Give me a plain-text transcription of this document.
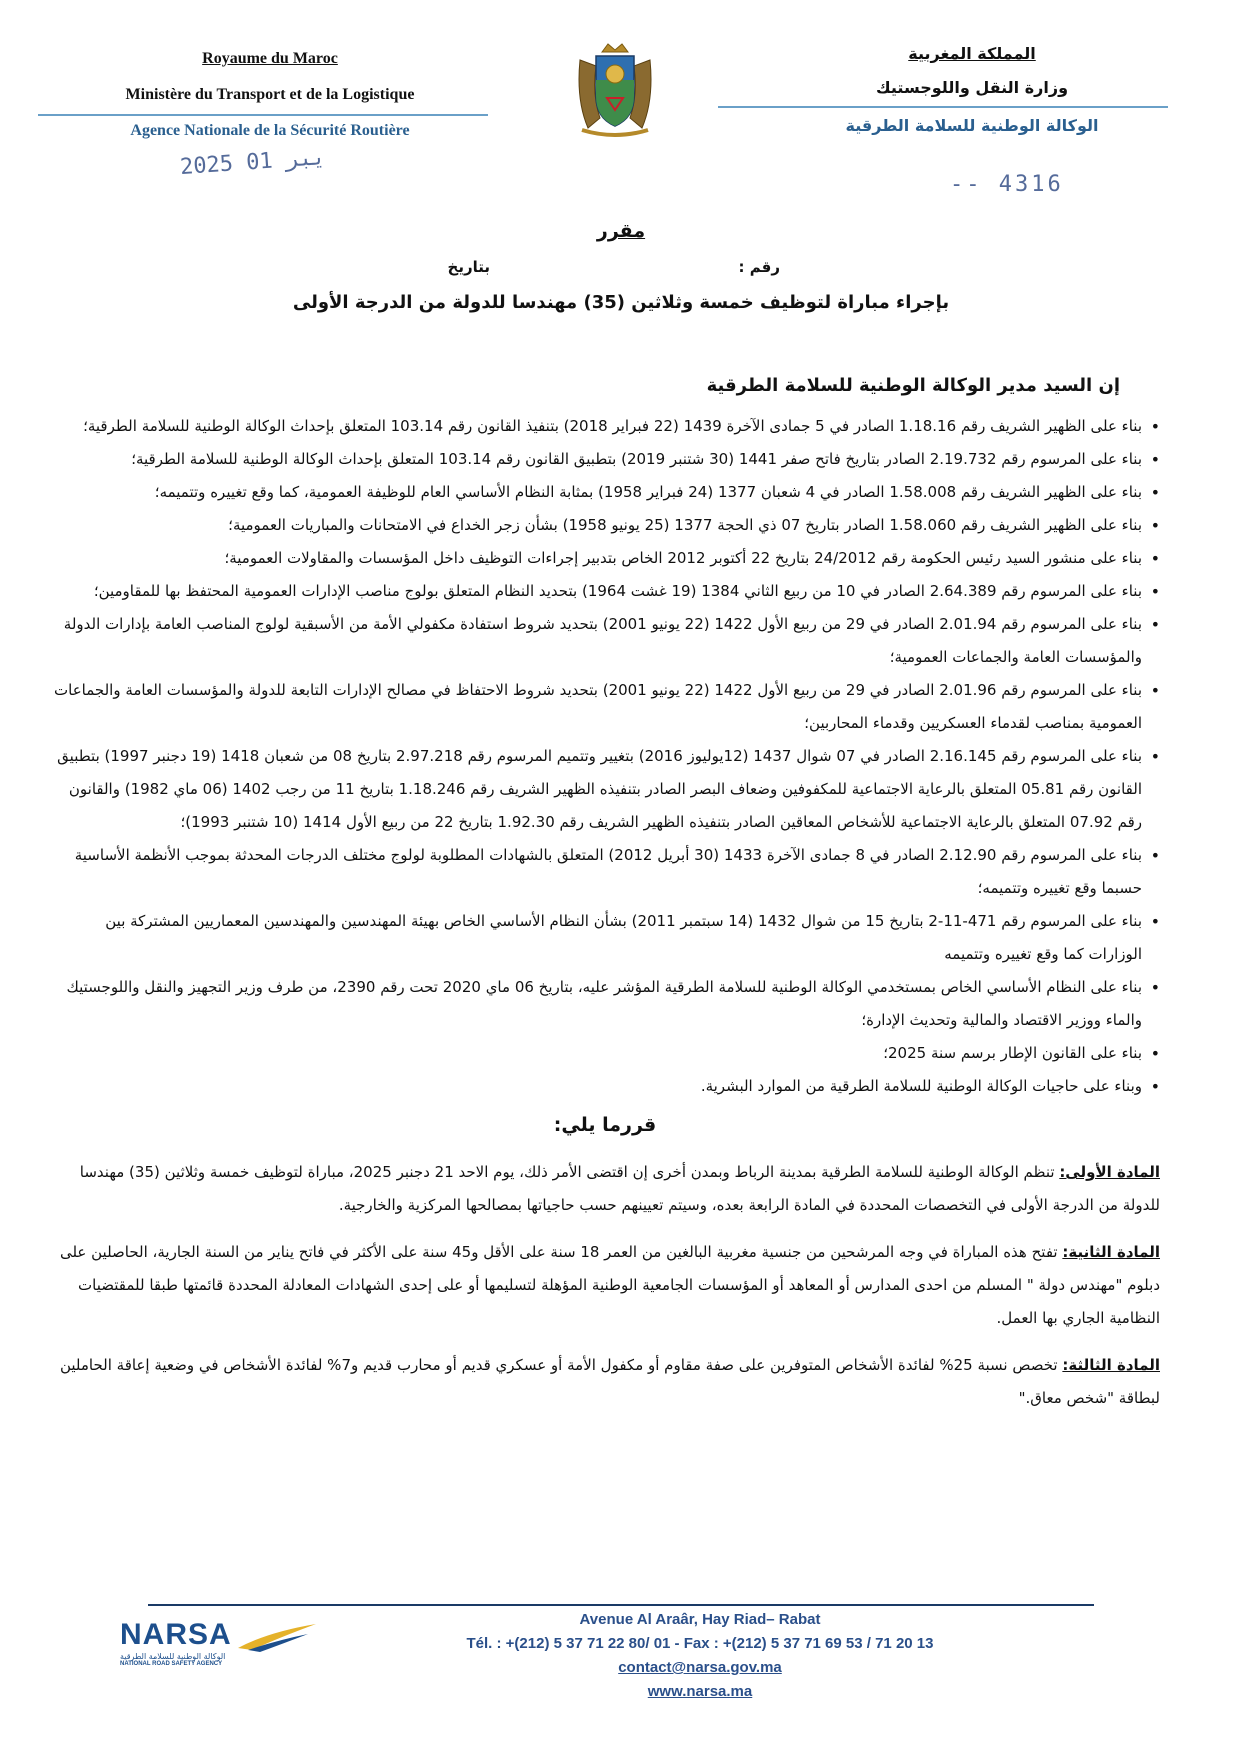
Royaume du Maroc
Ministère du Transport et de la Logistique
Agence Nationale de la Sécurité Routière
2025 يبر 01
المملكة المغربية
وزارة النقل واللوجستيك
الوكالة الوطنية للسلامة الطرقية
4316 --
مقرر
رقم :
بتاريخ
بإجراء مباراة لتوظيف خمسة وثلاثين (35) مهندسا للدولة من الدرجة الأولى
إن السيد مدير الوكالة الوطنية للسلامة الطرقية
• بناء على الظهير الشريف رقم 1.18.16 الصادر في 5 جمادى الآخرة 1439 (22 فبراير 2018) بتنفيذ القانون رقم 103.14 المتعلق بإحداث الوكالة الوطنية للسلامة الطرقية؛
• بناء على المرسوم رقم 2.19.732 الصادر بتاريخ فاتح صفر 1441 (30 شتنبر 2019) بتطبيق القانون رقم 103.14 المتعلق بإحداث الوكالة الوطنية للسلامة الطرقية؛
• بناء على الظهير الشريف رقم 1.58.008 الصادر في 4 شعبان 1377 (24 فبراير 1958) بمثابة النظام الأساسي العام للوظيفة العمومية، كما وقع تغييره وتتميمه؛
• بناء على الظهير الشريف رقم 1.58.060 الصادر بتاريخ 07 ذي الحجة 1377 (25 يونيو 1958) بشأن زجر الخداع في الامتحانات والمباريات العمومية؛
• بناء على منشور السيد رئيس الحكومة رقم 24/2012 بتاريخ 22 أكتوبر 2012 الخاص بتدبير إجراءات التوظيف داخل المؤسسات والمقاولات العمومية؛
• بناء على المرسوم رقم 2.64.389 الصادر في 10 من ربيع الثاني 1384 (19 غشت 1964) بتحديد النظام المتعلق بولوج مناصب الإدارات العمومية المحتفظ بها للمقاومين؛
• بناء على المرسوم رقم 2.01.94 الصادر في 29 من ربيع الأول 1422 (22 يونيو 2001) بتحديد شروط استفادة مكفولي الأمة من الأسبقية لولوج المناصب العامة بإدارات الدولة والمؤسسات العامة والجماعات العمومية؛
• بناء على المرسوم رقم 2.01.96 الصادر في 29 من ربيع الأول 1422 (22 يونيو 2001) بتحديد شروط الاحتفاظ في مصالح الإدارات التابعة للدولة والمؤسسات العامة والجماعات العمومية بمناصب لقدماء العسكريين وقدماء المحاربين؛
• بناء على المرسوم رقم 2.16.145 الصادر في 07 شوال 1437 (12يوليوز 2016) بتغيير وتتميم المرسوم رقم 2.97.218 بتاريخ 08 من شعبان 1418 (19 دجنبر 1997) بتطبيق القانون رقم 05.81 المتعلق بالرعاية الاجتماعية للمكفوفين وضعاف البصر الصادر بتنفيذه الظهير الشريف رقم 1.18.246 بتاريخ 11 من رجب 1402 (06 ماي 1982) والقانون رقم 07.92 المتعلق بالرعاية الاجتماعية للأشخاص المعاقين الصادر بتنفيذه الظهير الشريف رقم 1.92.30 بتاريخ 22 من ربيع الأول 1414 (10 شتنبر 1993)؛
• بناء على المرسوم رقم 2.12.90 الصادر في 8 جمادى الآخرة 1433 (30 أبريل 2012) المتعلق بالشهادات المطلوبة لولوج مختلف الدرجات المحدثة بموجب الأنظمة الأساسية حسبما وقع تغييره وتتميمه؛
• بناء على المرسوم رقم 471-11-2 بتاريخ 15 من شوال 1432 (14 سبتمبر 2011) بشأن النظام الأساسي الخاص بهيئة المهندسين والمهندسين المعماريين المشتركة بين الوزارات كما وقع تغييره وتتميمه
• بناء على النظام الأساسي الخاص بمستخدمي الوكالة الوطنية للسلامة الطرقية المؤشر عليه، بتاريخ 06 ماي 2020 تحت رقم 2390، من طرف وزير التجهيز والنقل واللوجستيك والماء ووزير الاقتصاد والمالية وتحديث الإدارة؛
• بناء على القانون الإطار برسم سنة 2025؛
• وبناء على حاجيات الوكالة الوطنية للسلامة الطرقية من الموارد البشرية.
قررما يلي:
المادة الأولى: تنظم الوكالة الوطنية للسلامة الطرقية بمدينة الرباط وبمدن أخرى إن اقتضى الأمر ذلك، يوم الاحد 21 دجنبر 2025، مباراة لتوظيف خمسة وثلاثين (35) مهندسا للدولة من الدرجة الأولى في التخصصات المحددة في المادة الرابعة بعده، وسيتم تعيينهم حسب حاجياتها بمصالحها المركزية والخارجية.
المادة الثانية: تفتح هذه المباراة في وجه المرشحين من جنسية مغربية البالغين من العمر 18 سنة على الأقل و45 سنة على الأكثر في فاتح يناير من السنة الجارية، الحاصلين على دبلوم "مهندس دولة " المسلم من احدى المدارس أو المعاهد أو المؤسسات الجامعية الوطنية المؤهلة لتسليمها أو على إحدى الشهادات المعادلة المحددة قائمتها طبقا للمقتضيات النظامية الجاري بها العمل.
المادة الثالثة: تخصص نسبة 25% لفائدة الأشخاص المتوفرين على صفة مقاوم أو مكفول الأمة أو عسكري قديم أو محارب قديم و7% لفائدة الأشخاص في وضعية إعاقة الحاملين لبطاقة "شخص معاق."
NARSA
الوكالة الوطنية للسلامة الطرقية
NATIONAL ROAD SAFETY AGENCY
Avenue Al Araâr, Hay Riad– Rabat
Tél. : +(212) 5 37 71 22 80/ 01 - Fax : +(212) 5 37 71 69 53 / 71 20 13
contact@narsa.gov.ma
www.narsa.ma
